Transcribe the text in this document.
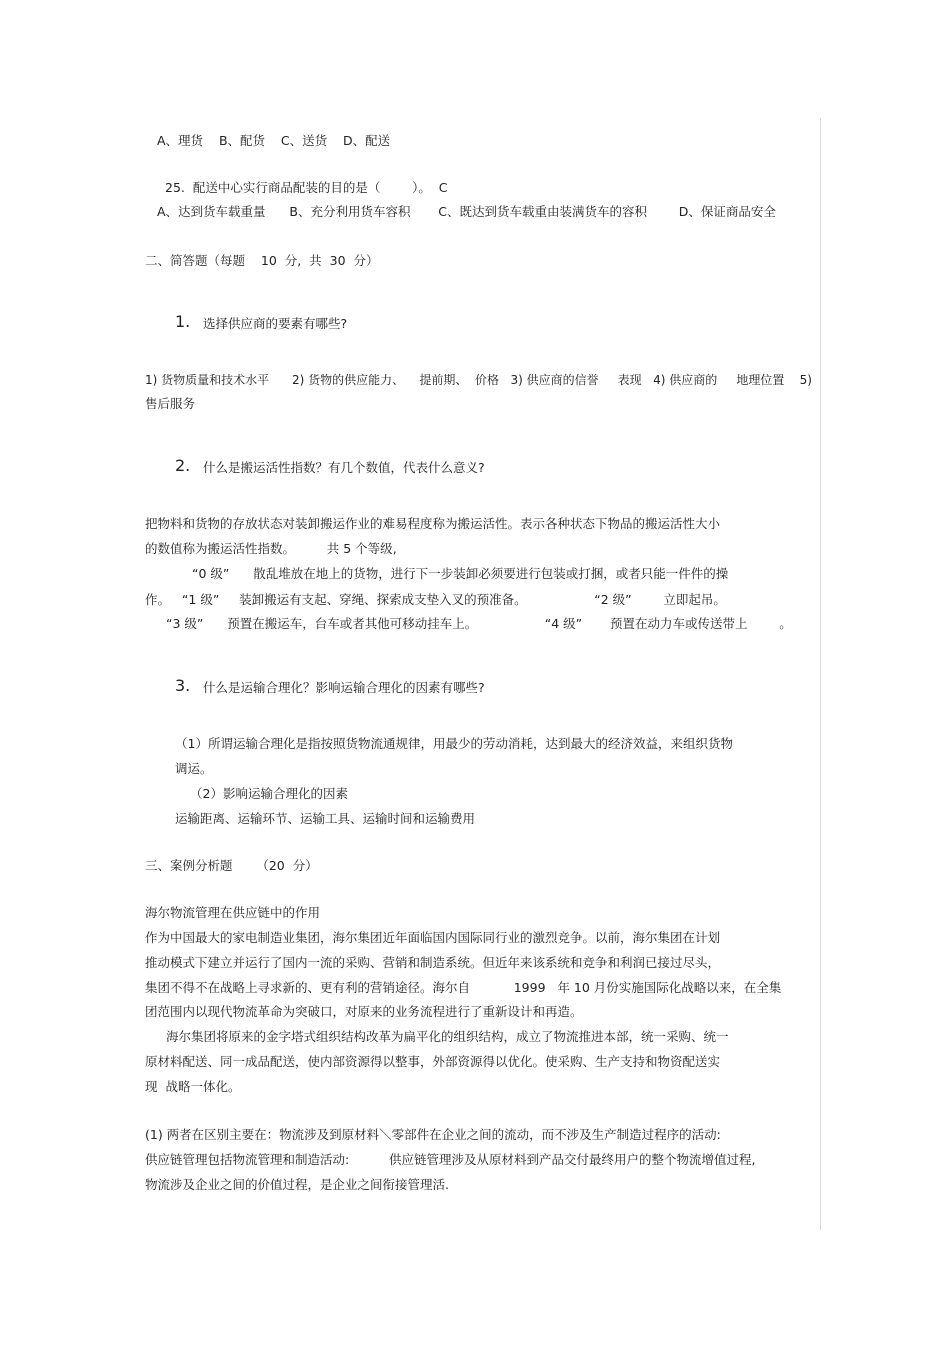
A、理货    B、配货    C、送货    D、配送
25.  配送中心实行商品配装的目的是（        ）。  C
A、达到货车载重量      B、充分利用货车容积       C、既达到货车载重由装满货车的容积        D、保证商品安全
二、简答题（每题    10  分,  共  30  分）
1. 选择供应商的要素有哪些?
1) 货物质量和技术水平      2) 货物的供应能力、    提前期、  价格   3) 供应商的信誉     表现   4) 供应商的     地理位置    5)
售后服务
2. 什么是搬运活性指数？有几个数值，代表什么意义?
把物料和货物的存放状态对装卸搬运作业的难易程度称为搬运活性。表示各种状态下物品的搬运活性大小
的数值称为搬运活性指数。        共 5 个等级,
“0 级”      散乱堆放在地上的货物，进行下一步装卸必须要进行包装或打捆，或者只能一件件的操
作。   “1 级”     装卸搬运有支起、穿绳、探索成支垫入叉的预准备。                 “2 级”        立即起吊。
“3 级”      预置在搬运车，台车或者其他可移动挂车上。                 “4 级”       预置在动力车或传送带上        。
3. 什么是运输合理化？影响运输合理化的因素有哪些?
（1）所谓运输合理化是指按照货物流通规律，用最少的劳动消耗，达到最大的经济效益，来组织货物
调运。
（2）影响运输合理化的因素
运输距离、运输环节、运输工具、运输时间和运输费用
三、案例分析题      （20  分）
海尔物流管理在供应链中的作用
作为中国最大的家电制造业集团，海尔集团近年面临国内国际同行业的激烈竞争。以前，海尔集团在计划
推动模式下建立并运行了国内一流的采购、营销和制造系统。但近年来该系统和竞争和利润已接过尽头，
集团不得不在战略上寻求新的、更有利的营销途径。海尔自           1999   年 10 月份实施国际化战略以来，在全集
团范围内以现代物流革命为突破口，对原来的业务流程进行了重新设计和再造。
海尔集团将原来的金字塔式组织结构改革为扁平化的组织结构，成立了物流推进本部，统一采购、统一
原材料配送、同一成品配送，使内部资源得以整事，外部资源得以优化。使采购、生产支持和物资配送实
现  战略一体化。
(1) 两者在区别主要在：物流涉及到原材料＼零部件在企业之间的流动，而不涉及生产制造过程序的活动:
供应链管理包括物流管理和制造活动:          供应链管理涉及从原材料到产品交付最终用户的整个物流增值过程,
物流涉及企业之间的价值过程，是企业之间衔接管理活.
